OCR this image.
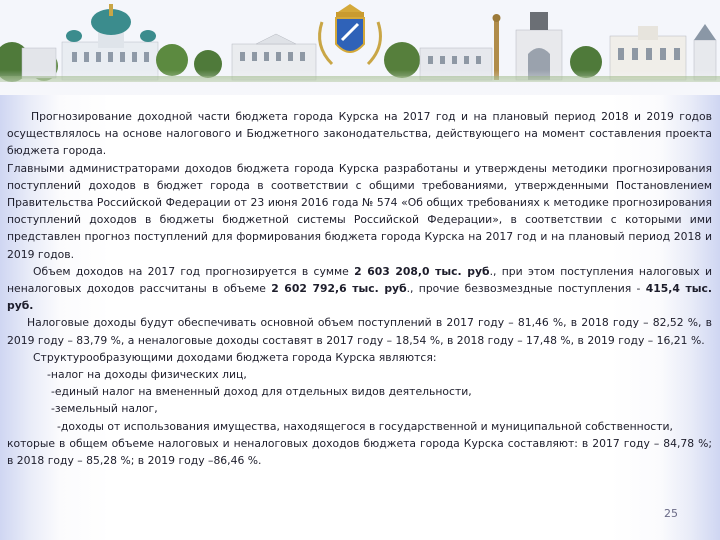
Прогнозирование доходной части бюджета города Курска на 2017 год и на плановый период 2018 и 2019 годов осуществлялось на основе налогового и Бюджетного законодательства, действующего на момент составления проекта бюджета города.

Главными администраторами доходов бюджета города Курска разработаны и утверждены методики прогнозирования поступлений доходов в бюджет города в соответствии с общими требованиями, утвержденными Постановлением Правительства Российской Федерации от 23 июня 2016 года № 574 «Об общих требованиях к методике прогнозирования поступлений доходов в бюджеты бюджетной системы Российской Федерации», в соответствии с которыми ими представлен прогноз поступлений для формирования бюджета города Курска на 2017 год и на плановый период 2018 и 2019 годов.

Объем доходов на 2017 год прогнозируется в сумме 2 603 208,0 тыс. руб., при этом поступления налоговых и неналоговых доходов рассчитаны в объеме 2 602 792,6 тыс. руб., прочие безвозмездные поступления - 415,4 тыс. руб.

Налоговые доходы будут обеспечивать основной объем поступлений в 2017 году – 81,46 %, в 2018 году – 82,52 %, в 2019 году – 83,79 %, а неналоговые доходы составят в 2017 году – 18,54 %, в 2018 году – 17,48 %, в 2019 году – 16,21 %.

Структурообразующими доходами бюджета города Курска являются:

-налог на доходы физических лиц,

-единый налог на вмененный доход для отдельных видов деятельности,

-земельный налог,

-доходы от использования имущества, находящегося в государственной и муниципальной собственности,

которые в общем объеме налоговых и неналоговых доходов бюджета города Курска составляют: в 2017 году – 84,78 %; в 2018 году – 85,28 %; в 2019 году –86,46 %.

25
